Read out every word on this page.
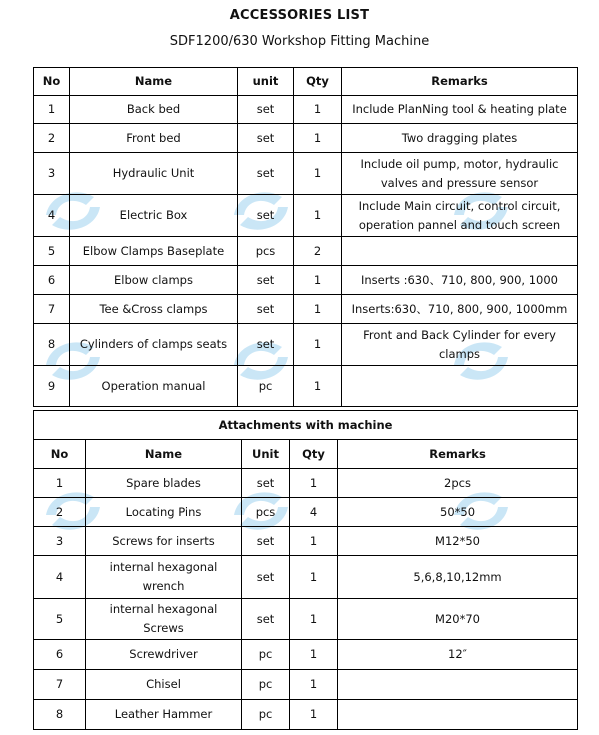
ACCESSORIES LIST
SDF1200/630 Workshop Fitting Machine
No	Name	unit	Qty	Remarks
1	Back bed	set	1	Include PlanNing tool & heating plate
2	Front bed	set	1	Two dragging plates
3	Hydraulic Unit	set	1	Include oil pump, motor, hydraulic valves and pressure sensor
4	Electric Box	set	1	Include Main circuit, control circuit, operation pannel and touch screen
5	Elbow Clamps Baseplate	pcs	2	
6	Elbow clamps	set	1	Inserts :630、710, 800, 900, 1000
7	Tee &Cross clamps	set	1	Inserts:630、710, 800, 900, 1000mm
8	Cylinders of clamps seats	set	1	Front and Back Cylinder for every clamps
9	Operation manual	pc	1	
Attachments with machine				
No	Name	Unit	Qty	Remarks
1	Spare blades	set	1	2pcs
2	Locating Pins	pcs	4	50*50
3	Screws for inserts	set	1	M12*50
4	internal hexagonal wrench	set	1	5,6,8,10,12mm
5	internal hexagonal Screws	set	1	M20*70
6	Screwdriver	pc	1	12″
7	Chisel	pc	1	
8	Leather Hammer	pc	1	
